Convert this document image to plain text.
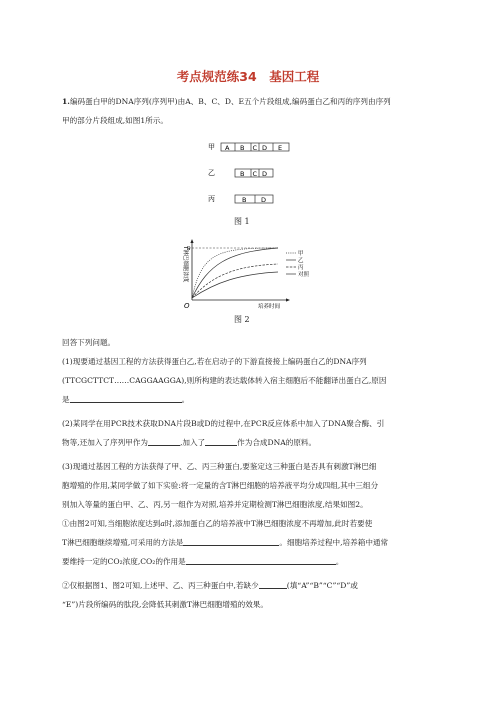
考点规范练34　基因工程
1.编码蛋白甲的DNA序列(序列甲)由A、B、C、D、E五个片段组成,编码蛋白乙和丙的序列由序列
甲的部分片段组成,如图1所示。
甲 A B C D E
乙	B C D
丙	B D
图 1
a
T淋巴细胞浓度
O	培养时间
甲
乙
丙
对照
图 2
回答下列问题。
(1)现要通过基因工程的方法获得蛋白乙,若在启动子的下游直接接上编码蛋白乙的DNA序列
(TTCGCTTCT……CAGGAAGGA),则所构建的表达载体转入宿主细胞后不能翻译出蛋白乙,原因
是	。
(2)某同学在用PCR技术获取DNA片段B或D的过程中,在PCR反应体系中加入了DNA聚合酶、引
物等,还加入了序列甲作为	,加入了	作为合成DNA的原料。
(3)现通过基因工程的方法获得了甲、乙、丙三种蛋白,要鉴定这三种蛋白是否具有刺激T淋巴细
胞增殖的作用,某同学做了如下实验:将一定量的含T淋巴细胞的培养液平均分成四组,其中三组分
别加入等量的蛋白甲、乙、丙,另一组作为对照,培养并定期检测T淋巴细胞浓度,结果如图2。
①由图2可知,当细胞浓度达到a时,添加蛋白乙的培养液中T淋巴细胞浓度不再增加,此时若要使
T淋巴细胞继续增殖,可采用的方法是	。细胞培养过程中,培养箱中通常
要维持一定的CO₂浓度,CO₂的作用是	。
②仅根据图1、图2可知,上述甲、乙、丙三种蛋白中,若缺少	(填“A”“B”“C”“D”或
“E”)片段所编码的肽段,会降低其刺激T淋巴细胞增殖的效果。
